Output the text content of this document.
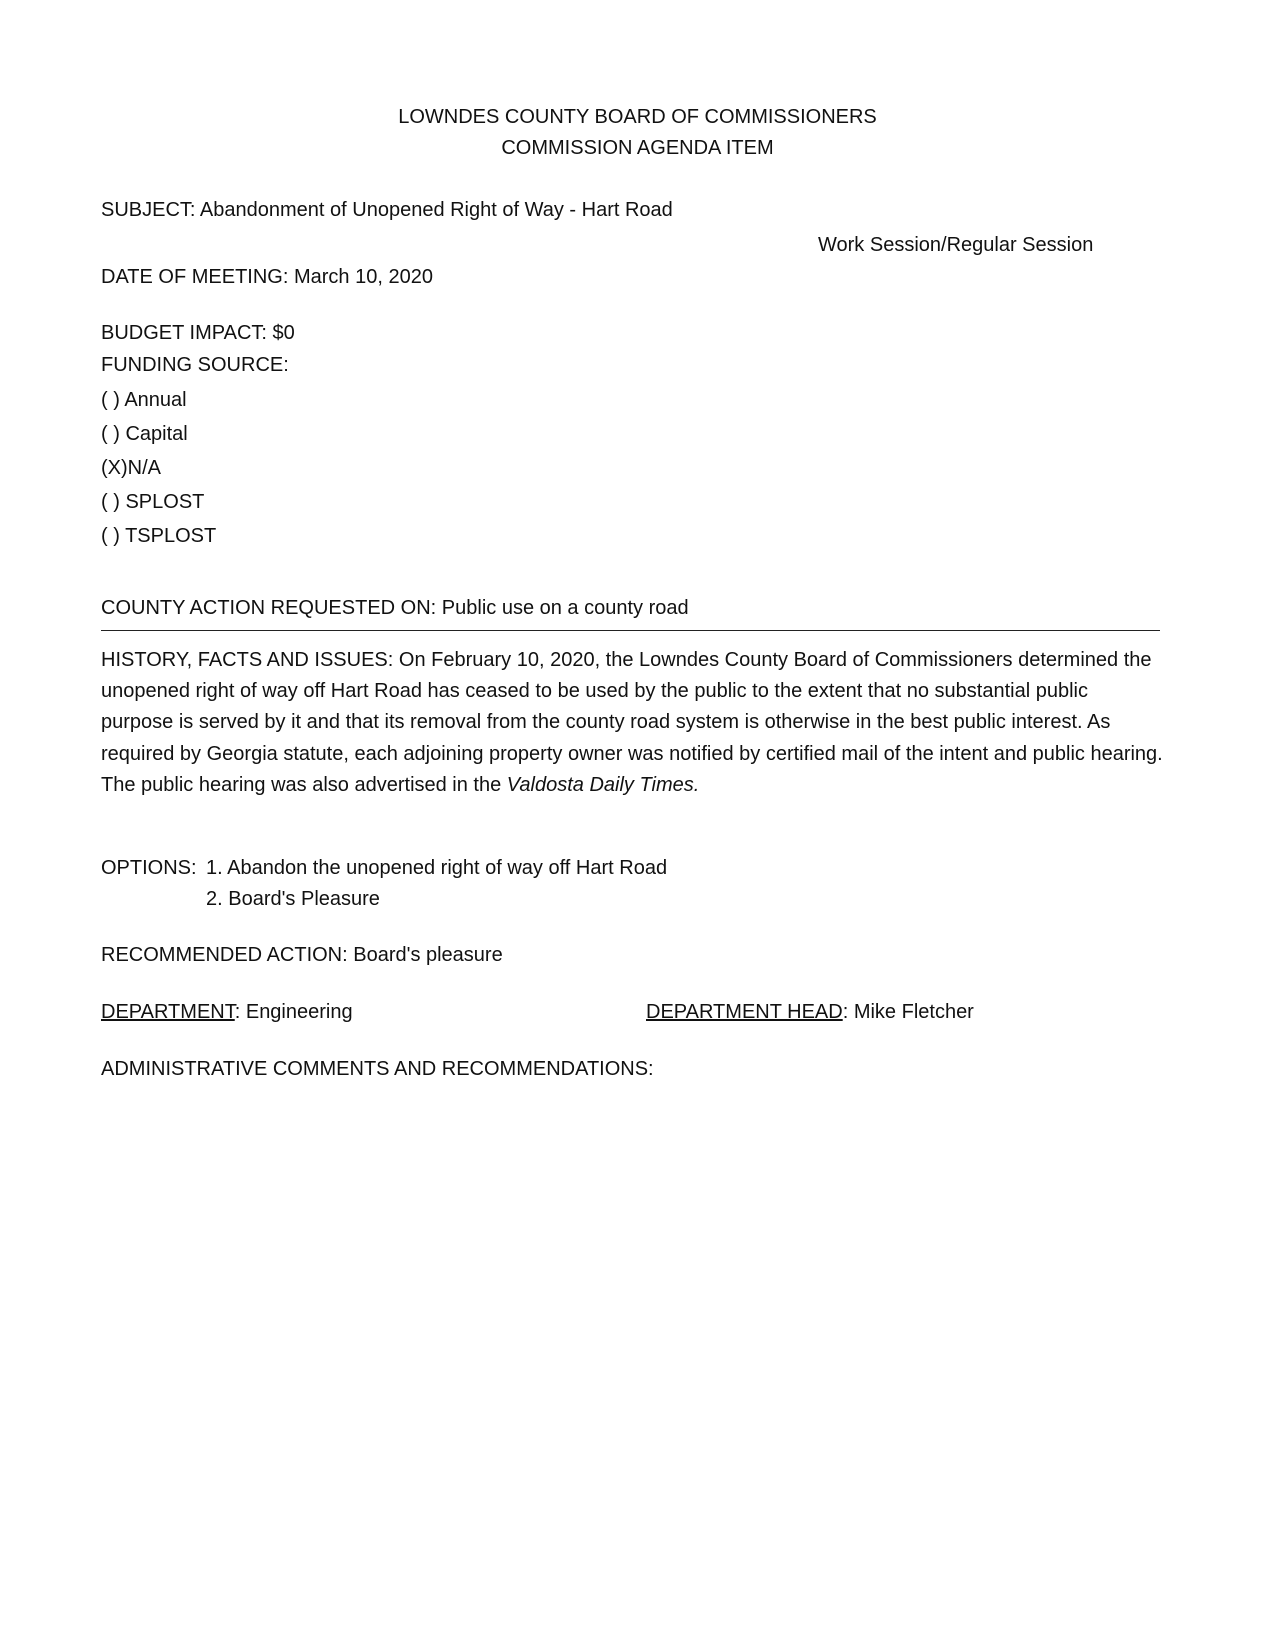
LOWNDES COUNTY BOARD OF COMMISSIONERS
COMMISSION AGENDA ITEM
SUBJECT: Abandonment of Unopened Right of Way - Hart Road
Work Session/Regular Session
DATE OF MEETING: March 10, 2020
BUDGET IMPACT: $0
FUNDING SOURCE:
( ) Annual
( ) Capital
(X)N/A
( ) SPLOST
( ) TSPLOST
COUNTY ACTION REQUESTED ON: Public use on a county road
HISTORY, FACTS AND ISSUES: On February 10, 2020, the Lowndes County Board of Commissioners determined the unopened right of way off Hart Road has ceased to be used by the public to the extent that no substantial public purpose is served by it and that its removal from the county road system is otherwise in the best public interest. As required by Georgia statute, each adjoining property owner was notified by certified mail of the intent and public hearing. The public hearing was also advertised in the Valdosta Daily Times.
OPTIONS: 1. Abandon the unopened right of way off Hart Road
2. Board's Pleasure
RECOMMENDED ACTION: Board's pleasure
DEPARTMENT: Engineering	DEPARTMENT HEAD: Mike Fletcher
ADMINISTRATIVE COMMENTS AND RECOMMENDATIONS:
